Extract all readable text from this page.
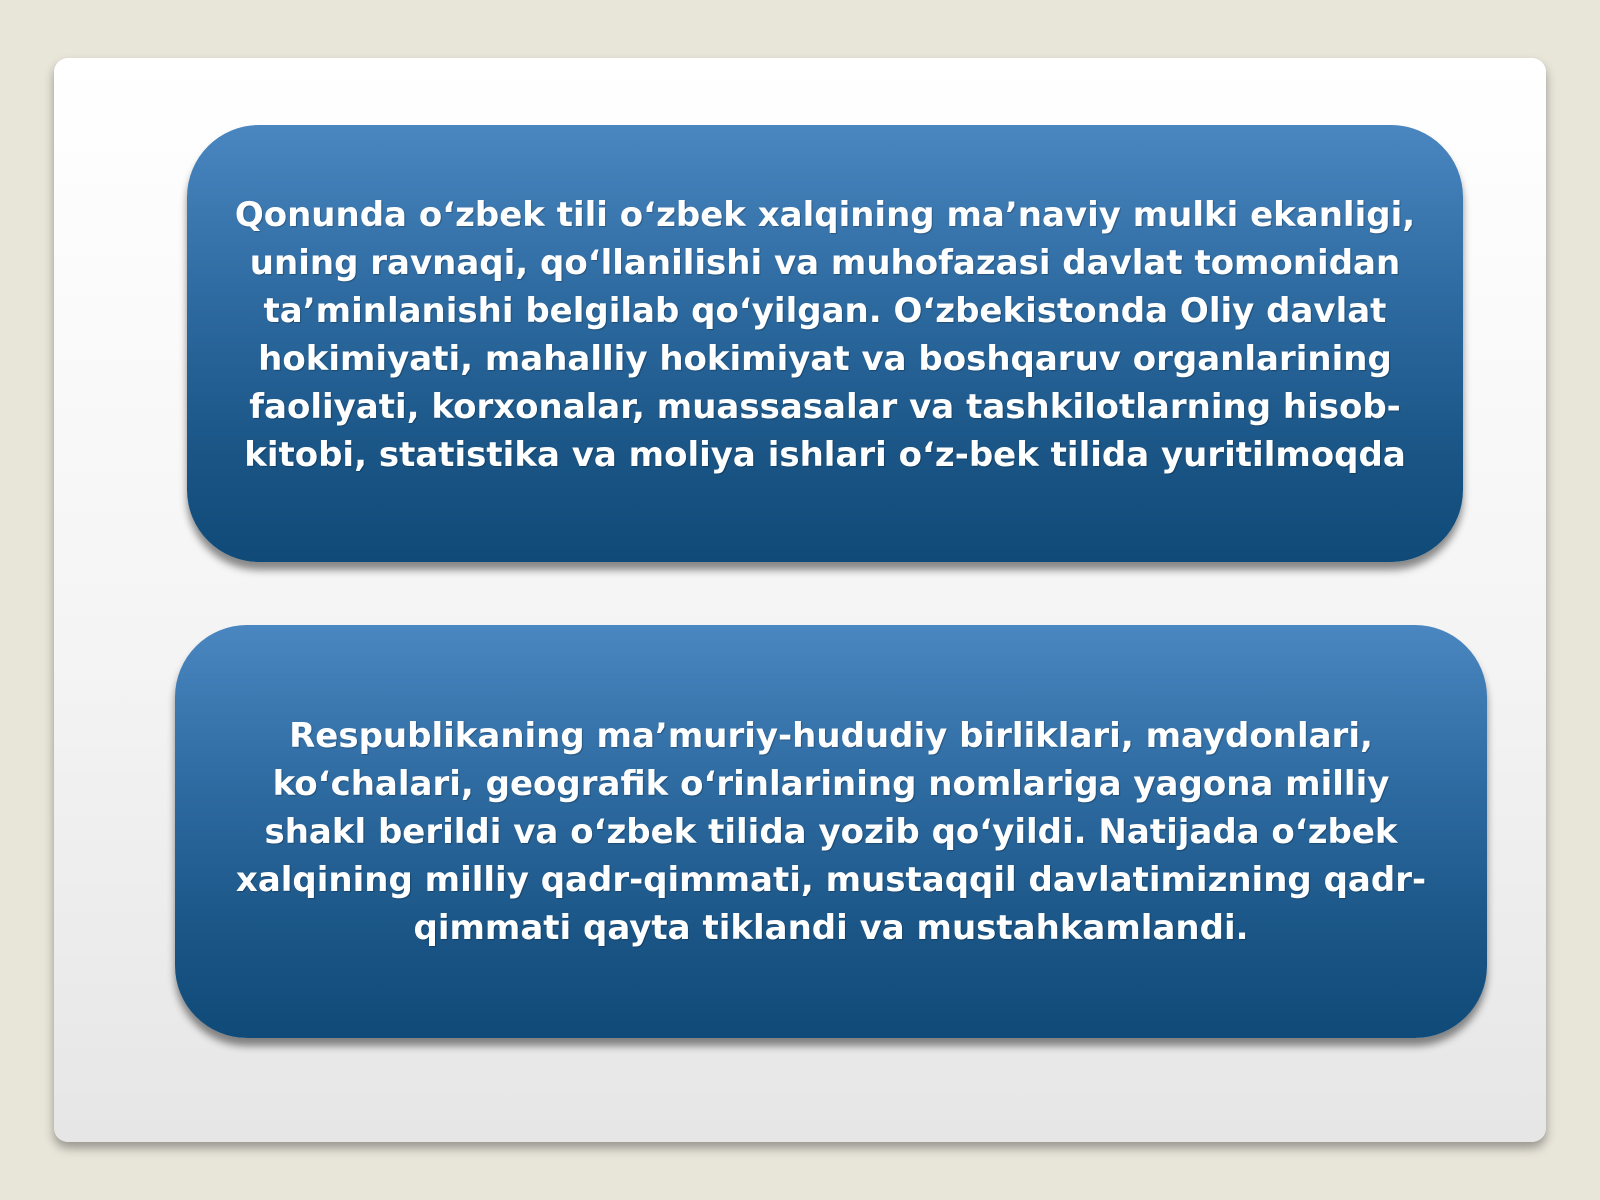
Qonunda o‘zbek tili o‘zbek xalqining ma’naviy mulki ekanligi, uning ravnaqi, qo‘llanilishi va muhofazasi davlat tomonidan ta’minlanishi belgilab qo‘yilgan. O‘zbekistonda Oliy davlat hokimiyati, mahalliy hokimiyat va boshqaruv organlarining faoliyati, korxonalar, muassasalar va tashkilotlarning hisob-kitobi, statistika va moliya ishlari o‘z-bek tilida yuritilmoqda

Respublikaning ma’muriy-hududiy birliklari, maydonlari, ko‘chalari, geografik o‘rinlarining nomlariga yagona milliy shakl berildi va o‘zbek tilida yozib qo‘yildi. Natijada o‘zbek xalqining milliy qadr-qimmati, mustaqqil davlatimizning qadr-qimmati qayta tiklandi va mustahkamlandi.
